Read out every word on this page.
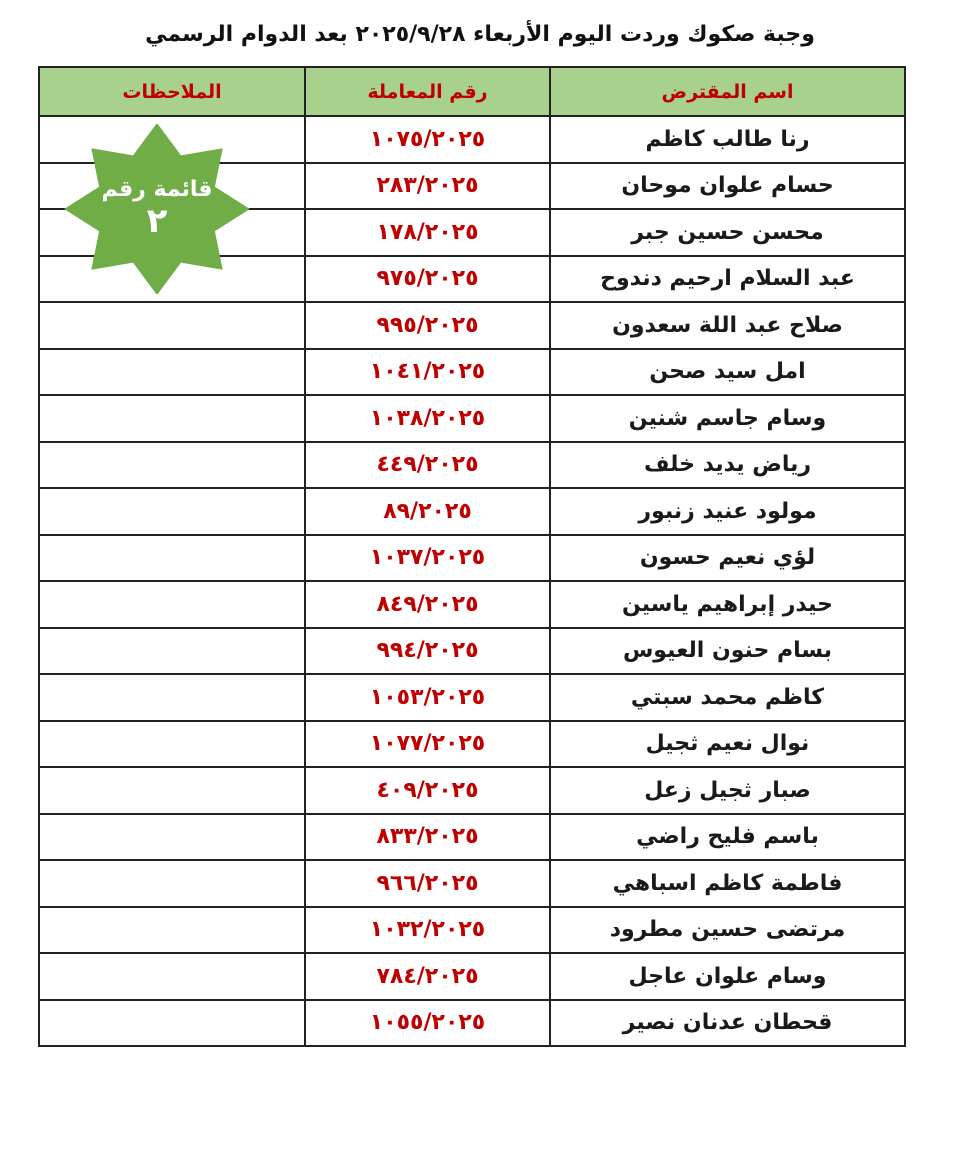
وجبة صكوك وردت اليوم الأربعاء ٢٠٢٥/٩/٢٨ بعد الدوام الرسمي
اسم المقترض	رقم المعاملة	الملاحظات
رنا طالب كاظم	١٠٧٥/٢٠٢٥	
حسام علوان موحان	٢٨٣/٢٠٢٥	
محسن حسين جبر	١٧٨/٢٠٢٥	
عبد السلام ارحيم دندوح	٩٧٥/٢٠٢٥	
صلاح عبد اللة سعدون	٩٩٥/٢٠٢٥	
امل سيد صحن	١٠٤١/٢٠٢٥	
وسام جاسم شنين	١٠٣٨/٢٠٢٥	
رياض يديد خلف	٤٤٩/٢٠٢٥	
مولود عنيد زنبور	٨٩/٢٠٢٥	
لؤي نعيم حسون	١٠٣٧/٢٠٢٥	
حيدر إبراهيم ياسين	٨٤٩/٢٠٢٥	
بسام حنون العيوس	٩٩٤/٢٠٢٥	
كاظم محمد سبتي	١٠٥٣/٢٠٢٥	
نوال نعيم ثجيل	١٠٧٧/٢٠٢٥	
صبار ثجيل زعل	٤٠٩/٢٠٢٥	
باسم فليح راضي	٨٣٣/٢٠٢٥	
فاطمة كاظم اسباهي	٩٦٦/٢٠٢٥	
مرتضى حسين مطرود	١٠٣٢/٢٠٢٥	
وسام علوان عاجل	٧٨٤/٢٠٢٥	
قحطان عدنان نصير	١٠٥٥/٢٠٢٥	
قائمة رقم
٢
